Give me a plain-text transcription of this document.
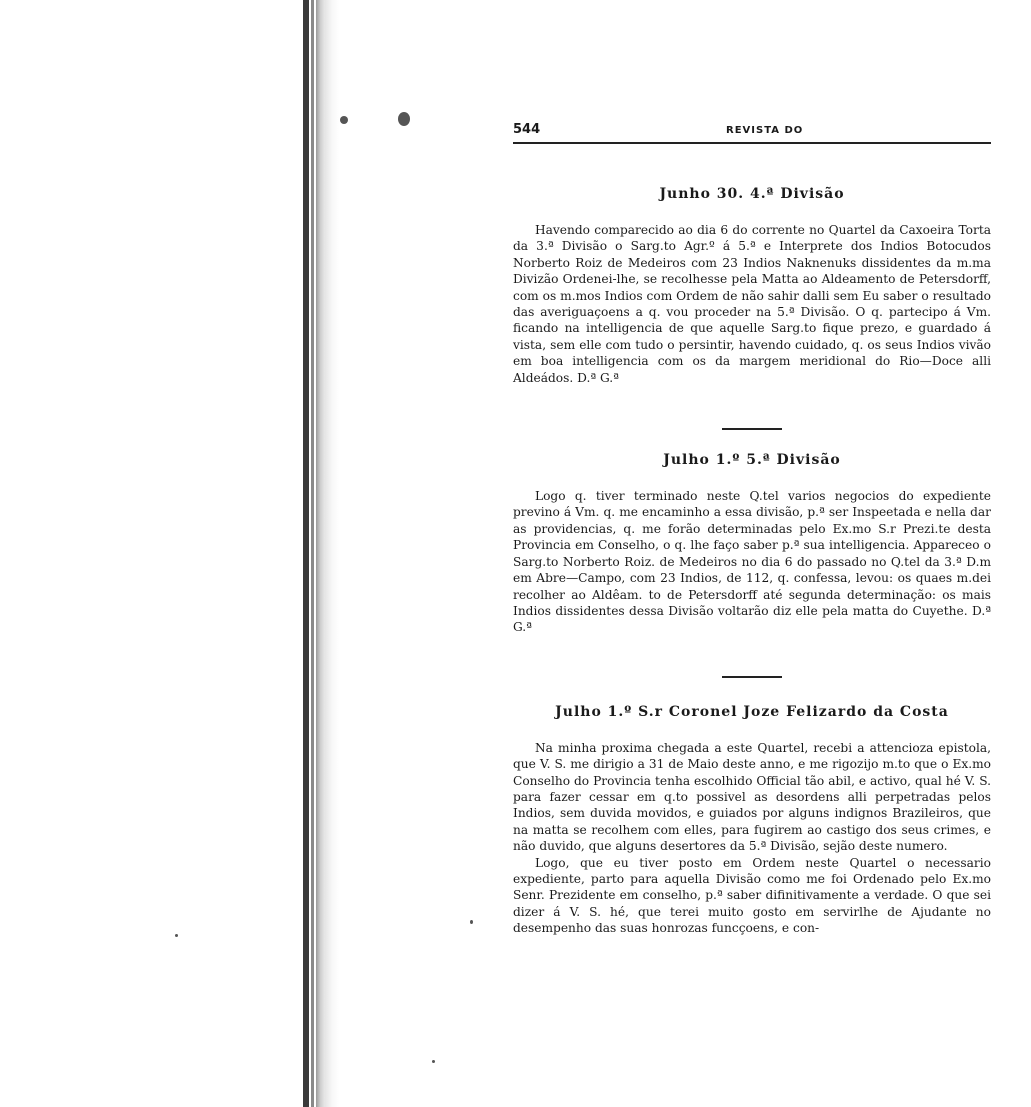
544	REVISTA DO
Junho 30. 4.ª Divisão

Havendo comparecido ao dia 6 do corrente no Quartel da Caxoeira Torta da 3.ª Divisão o Sarg.to Agr.º á 5.ª e Interprete dos Indios Botocudos Norberto Roiz de Medeiros com 23 Indios Naknenuks dissidentes da m.ma Divizão Ordenei-lhe, se recolhesse pela Matta ao Aldeamento de Petersdorff, com os m.mos Indios com Ordem de não sahir dalli sem Eu saber o resultado das averiguaçoens a q. vou proceder na 5.ª Divisão. O q. partecipo á Vm. ficando na intelligencia de que aquelle Sarg.to fique prezo, e guardado á vista, sem elle com tudo o persintir, havendo cuidado, q. os seus Indios vivão em boa intelligencia com os da margem meridional do Rio—Doce alli Aldeádos. D.ª G.ª

Julho 1.º 5.ª Divisão

Logo q. tiver terminado neste Q.tel varios negocios do expediente previno á Vm. q. me encaminho a essa divisão, p.ª ser Inspeetada e nella dar as providencias, q. me forão determinadas pelo Ex.mo S.r Prezi.te desta Provincia em Conselho, o q. lhe faço saber p.ª sua intelligencia. Appareceo o Sarg.to Norberto Roiz. de Medeiros no dia 6 do passado no Q.tel da 3.ª D.m em Abre—Campo, com 23 Indios, de 112, q. confessa, levou: os quaes m.dei recolher ao Aldêam. to de Petersdorff até segunda determinação: os mais Indios dissidentes dessa Divisão voltarão diz elle pela matta do Cuyethe. D.ª G.ª

Julho 1.º S.r Coronel Joze Felizardo da Costa

Na minha proxima chegada a este Quartel, recebi a attencioza epistola, que V. S. me dirigio a 31 de Maio deste anno, e me rigozijo m.to que o Ex.mo Conselho do Provincia tenha escolhido Official tão abil, e activo, qual hé V. S. para fazer cessar em q.to possivel as desordens alli perpetradas pelos Indios, sem duvida movidos, e guiados por alguns indignos Brazileiros, que na matta se recolhem com elles, para fugirem ao castigo dos seus crimes, e não duvido, que alguns desertores da 5.ª Divisão, sejão deste numero.

Logo, que eu tiver posto em Ordem neste Quartel o necessario expediente, parto para aquella Divisão como me foi Ordenado pelo Ex.mo Senr. Prezidente em conselho, p.ª saber difinitivamente a verdade. O que sei dizer á V. S. hé, que terei muito gosto em servirlhe de Ajudante no desempenho das suas honrozas funcçoens, e con-
